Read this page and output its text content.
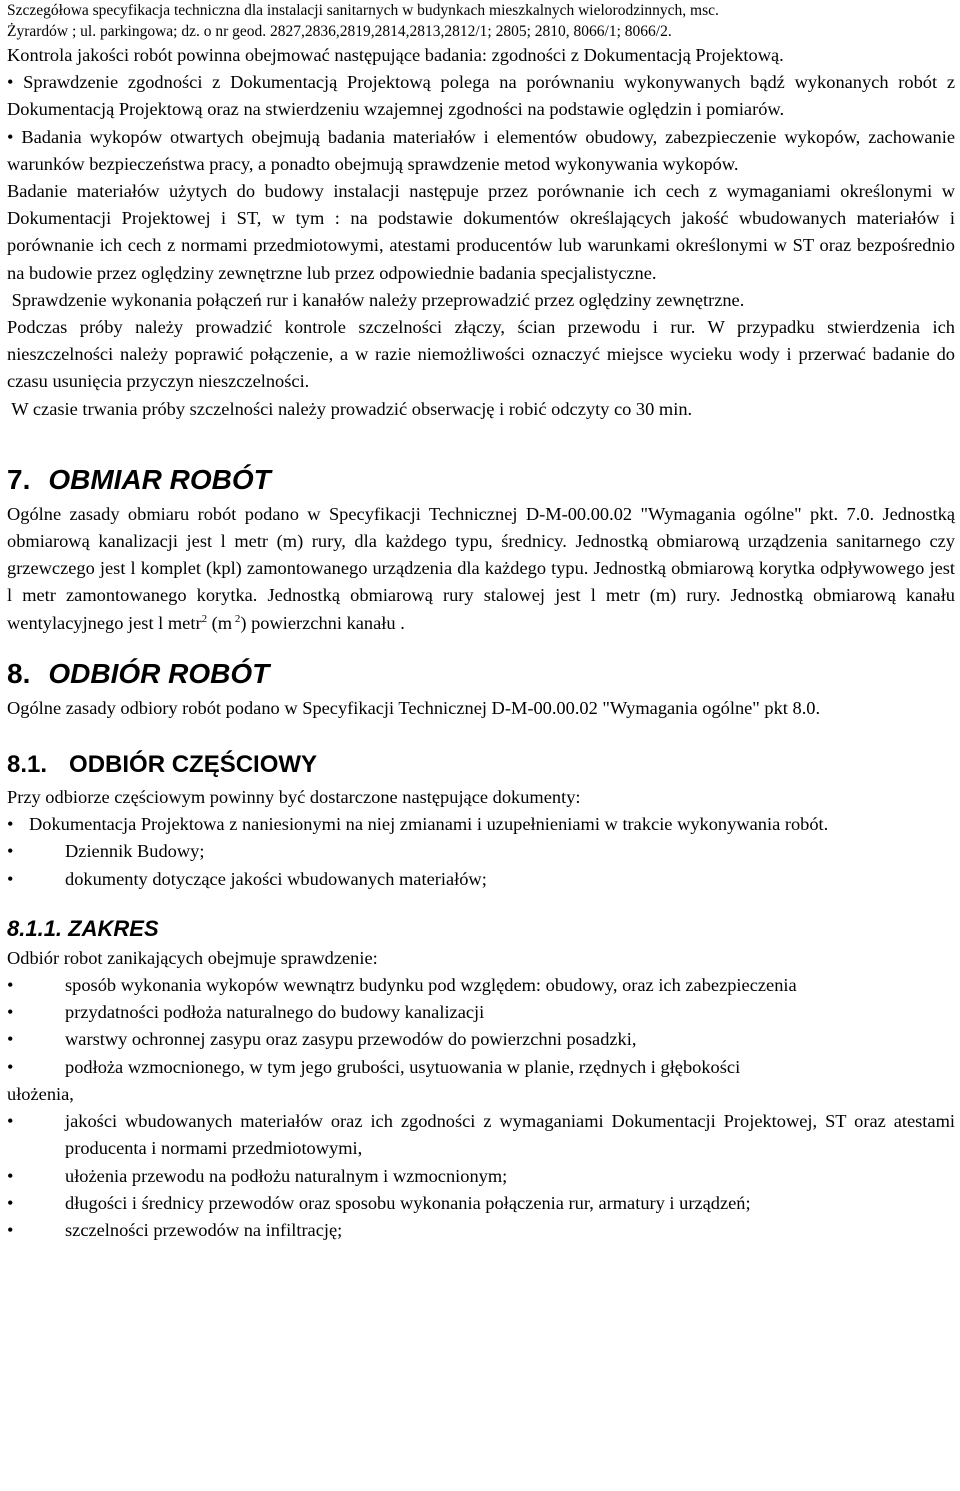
Szczegółowa specyfikacja techniczna dla instalacji sanitarnych w budynkach mieszkalnych wielorodzinnych, msc.
Żyrardów ; ul. parkingowa; dz. o nr geod. 2827,2836,2819,2814,2813,2812/1; 2805; 2810, 8066/1; 8066/2.

Kontrola jakości robót powinna obejmować następujące badania: zgodności z Dokumentacją Projektową.

• Sprawdzenie zgodności z Dokumentacją Projektową polega na porównaniu wykonywanych bądź wykonanych robót z Dokumentacją Projektową oraz na stwierdzeniu wzajemnej zgodności na podstawie oględzin i pomiarów.

• Badania wykopów otwartych obejmują badania materiałów i elementów obudowy, zabezpieczenie wykopów, zachowanie warunków bezpieczeństwa pracy, a ponadto obejmują sprawdzenie metod wykonywania wykopów.

Badanie materiałów użytych do budowy instalacji następuje przez porównanie ich cech z wymaganiami określonymi w Dokumentacji Projektowej i ST, w tym : na podstawie dokumentów określających jakość wbudowanych materiałów i porównanie ich cech z normami przedmiotowymi, atestami producentów lub warunkami określonymi w ST oraz bezpośrednio na budowie przez oględziny zewnętrzne lub przez odpowiednie badania specjalistyczne.

Sprawdzenie wykonania połączeń rur i kanałów należy przeprowadzić przez oględziny zewnętrzne.

Podczas próby należy prowadzić kontrole szczelności złączy, ścian przewodu i rur. W przypadku stwierdzenia ich nieszczelności należy poprawić połączenie, a w razie niemożliwości oznaczyć miejsce wycieku wody i przerwać badanie do czasu usunięcia przyczyn nieszczelności.

W czasie trwania próby szczelności należy prowadzić obserwację i robić odczyty co 30 min.

7. OBMIAR ROBÓT

Ogólne zasady obmiaru robót podano w Specyfikacji Technicznej D-M-00.00.02 "Wymagania ogólne" pkt. 7.0. Jednostką obmiarową kanalizacji jest l metr (m) rury, dla każdego typu, średnicy. Jednostką obmiarową urządzenia sanitarnego czy grzewczego jest l komplet (kpl) zamontowanego urządzenia dla każdego typu. Jednostką obmiarową korytka odpływowego jest l metr zamontowanego korytka. Jednostką obmiarową rury stalowej jest l metr (m) rury. Jednostką obmiarową kanału wentylacyjnego jest l metr$^2$ (m $^2$) powierzchni kanału .

8. ODBIÓR ROBÓT

Ogólne zasady odbiory robót podano w Specyfikacji Technicznej D-M-00.00.02 "Wymagania ogólne" pkt 8.0.

8.1. ODBIÓR CZĘŚCIOWY

Przy odbiorze częściowym powinny być dostarczone następujące dokumenty:

• Dokumentacja Projektowa z naniesionymi na niej zmianami i uzupełnieniami w trakcie wykonywania robót.
•	Dziennik Budowy;
•	dokumenty dotyczące jakości wbudowanych materiałów;
8.1.1. ZAKRES

Odbiór robot zanikających obejmuje sprawdzenie:

•	sposób wykonania wykopów wewnątrz budynku pod względem: obudowy, oraz ich zabezpieczenia
•	przydatności podłoża naturalnego do budowy kanalizacji
•	warstwy ochronnej zasypu oraz zasypu przewodów do powierzchni posadzki,
•	podłoża wzmocnionego, w tym jego grubości, usytuowania w planie, rzędnych i głębokości
ułożenia,
•	jakości wbudowanych materiałów oraz ich zgodności z wymaganiami Dokumentacji Projektowej, ST oraz atestami producenta i normami przedmiotowymi,
•	ułożenia przewodu na podłożu naturalnym i wzmocnionym;
•	długości i średnicy przewodów oraz sposobu wykonania połączenia rur, armatury i urządzeń;
•	szczelności przewodów na infiltrację;
